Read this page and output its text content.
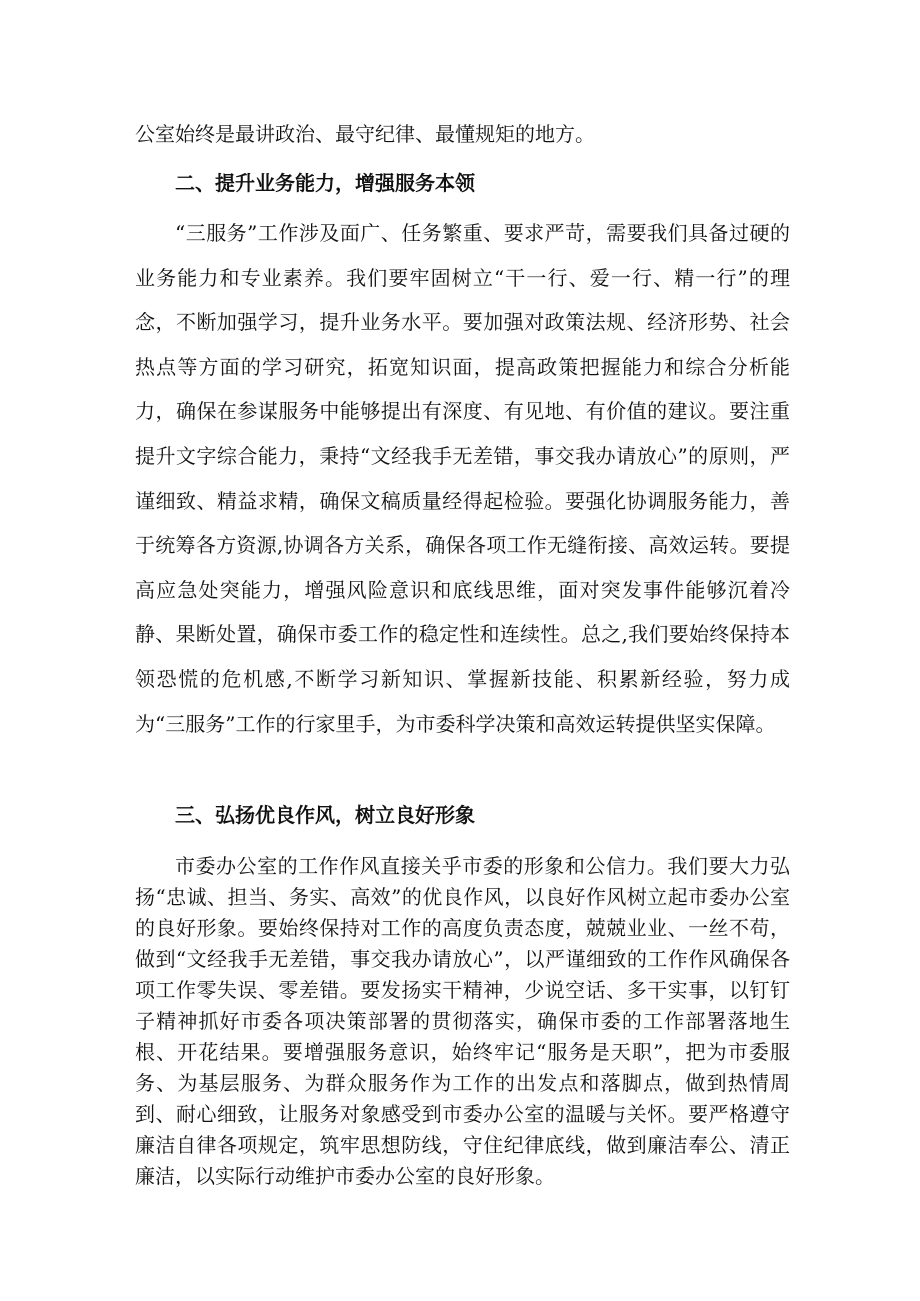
公室始终是最讲政治、最守纪律、最懂规矩的地方。

二、提升业务能力，增强服务本领

“三服务”工作涉及面广、任务繁重、要求严苛，需要我们具备过硬的业务能力和专业素养。我们要牢固树立“干一行、爱一行、精一行”的理念，不断加强学习，提升业务水平。要加强对政策法规、经济形势、社会热点等方面的学习研究，拓宽知识面，提高政策把握能力和综合分析能力，确保在参谋服务中能够提出有深度、有见地、有价值的建议。要注重提升文字综合能力，秉持“文经我手无差错，事交我办请放心”的原则，严谨细致、精益求精，确保文稿质量经得起检验。要强化协调服务能力，善于统筹各方资源,协调各方关系，确保各项工作无缝衔接、高效运转。要提高应急处突能力，增强风险意识和底线思维，面对突发事件能够沉着冷静、果断处置，确保市委工作的稳定性和连续性。总之,我们要始终保持本领恐慌的危机感,不断学习新知识、掌握新技能、积累新经验，努力成为“三服务”工作的行家里手，为市委科学决策和高效运转提供坚实保障。

三、弘扬优良作风，树立良好形象

市委办公室的工作作风直接关乎市委的形象和公信力。我们要大力弘扬“忠诚、担当、务实、高效”的优良作风，以良好作风树立起市委办公室的良好形象。要始终保持对工作的高度负责态度，兢兢业业、一丝不苟，做到“文经我手无差错，事交我办请放心”，以严谨细致的工作作风确保各项工作零失误、零差错。要发扬实干精神，少说空话、多干实事，以钉钉子精神抓好市委各项决策部署的贯彻落实，确保市委的工作部署落地生根、开花结果。要增强服务意识，始终牢记“服务是天职”，把为市委服务、为基层服务、为群众服务作为工作的出发点和落脚点，做到热情周到、耐心细致，让服务对象感受到市委办公室的温暖与关怀。要严格遵守廉洁自律各项规定，筑牢思想防线，守住纪律底线，做到廉洁奉公、清正廉洁，以实际行动维护市委办公室的良好形象。
